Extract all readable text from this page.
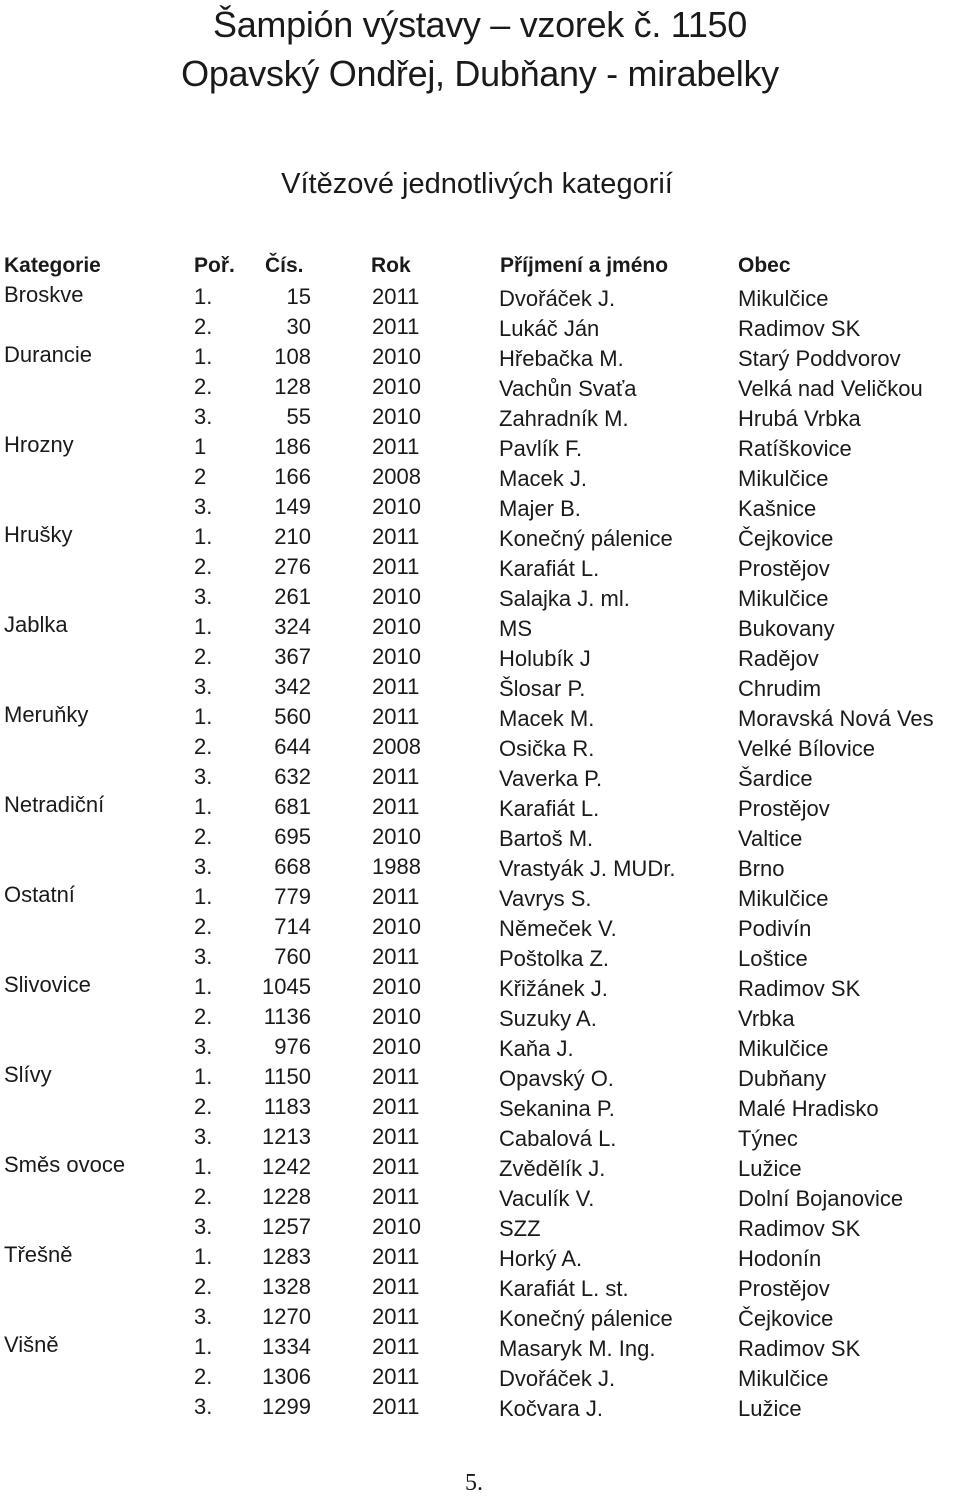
Šampión výstavy – vzorek č. 1150
Opavský Ondřej, Dubňany - mirabelky
Vítězové jednotlivých kategorií
Kategorie	Poř. Čís.	Rok	Příjmení a jméno	Obec
Broskve	1.	15	2011	Dvořáček J.	Mikulčice
2.	30	2011	Lukáč Ján	Radimov SK
Durancie	1.	108	2010	Hřebačka M.	Starý Poddvorov
2.	128	2010	Vachůn Svaťa	Velká nad Veličkou
3.	55	2010	Zahradník M.	Hrubá Vrbka
Hrozny	1	186	2011	Pavlík F.	Ratíškovice
2	166	2008	Macek J.	Mikulčice
3.	149	2010	Majer B.	Kašnice
Hrušky	1.	210	2011	Konečný pálenice	Čejkovice
2.	276	2011	Karafiát L.	Prostějov
3.	261	2010	Salajka J. ml.	Mikulčice
Jablka	1.	324	2010	MS	Bukovany
2.	367	2010	Holubík J	Radějov
3.	342	2011	Šlosar P.	Chrudim
Meruňky	1.	560	2011	Macek M.	Moravská Nová Ves
2.	644	2008	Osička R.	Velké Bílovice
3.	632	2011	Vaverka P.	Šardice
Netradiční	1.	681	2011	Karafiát L.	Prostějov
2.	695	2010	Bartoš M.	Valtice
3.	668	1988	Vrastyák J. MUDr.	Brno
Ostatní	1.	779	2011	Vavrys S.	Mikulčice
2.	714	2010	Němeček V.	Podivín
3.	760	2011	Poštolka Z.	Loštice
Slivovice	1. 1045	2010	Křižánek J.	Radimov SK
2. 1136	2010	Suzuky A.	Vrbka
3.	976	2010	Kaňa J.	Mikulčice
Slívy	1. 1150	2011	Opavský O.	Dubňany
2. 1183	2011	Sekanina P.	Malé Hradisko
3. 1213	2011	Cabalová L.	Týnec
Směs ovoce	1. 1242	2011	Zvědělík J.	Lužice
2. 1228	2011	Vaculík V.	Dolní Bojanovice
3. 1257	2010	SZZ	Radimov SK
Třešně	1. 1283	2011	Horký A.	Hodonín
2. 1328	2011	Karafiát L. st.	Prostějov
3. 1270	2011	Konečný pálenice	Čejkovice
Višně	1. 1334	2011	Masaryk M. Ing.	Radimov SK
2. 1306	2011	Dvořáček J.	Mikulčice
3. 1299	2011	Kočvara J.	Lužice
5.
